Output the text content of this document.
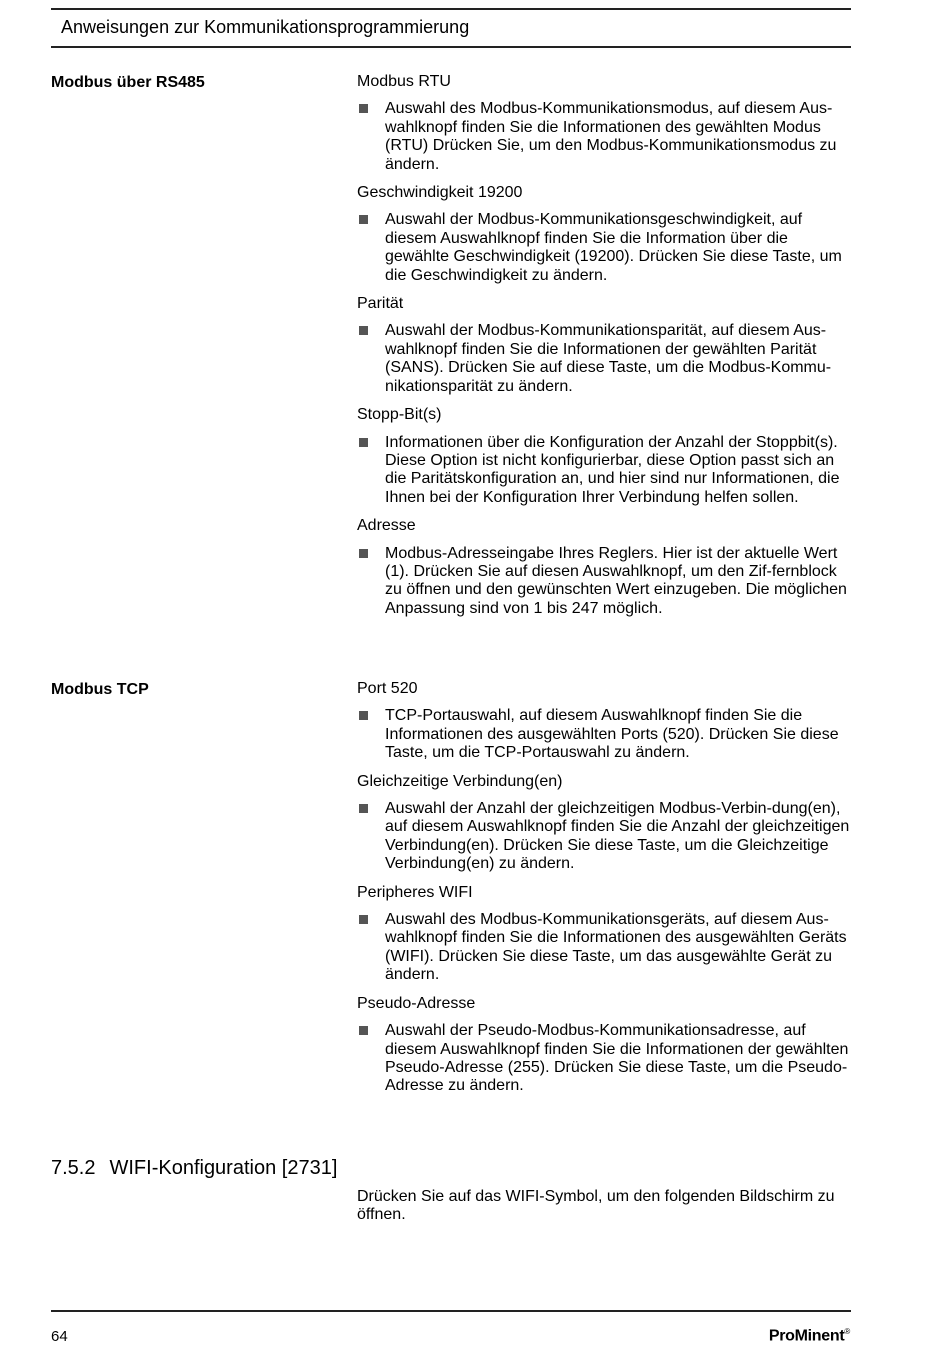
Anweisungen zur Kommunikationsprogrammierung
Modbus über RS485	Modbus RTU

Auswahl des Modbus-Kommunikationsmodus, auf diesem Aus-wahlknopf finden Sie die Informationen des gewählten Modus (RTU) Drücken Sie, um den Modbus-Kommunikationsmodus zu ändern.

Geschwindigkeit 19200

Auswahl der Modbus-Kommunikationsgeschwindigkeit, auf diesem Auswahlknopf finden Sie die Information über die gewählte Geschwindigkeit (19200). Drücken Sie diese Taste, um die Geschwindigkeit zu ändern.

Parität

Auswahl der Modbus-Kommunikationsparität, auf diesem Aus-wahlknopf finden Sie die Informationen der gewählten Parität (SANS). Drücken Sie auf diese Taste, um die Modbus-Kommu-nikationsparität zu ändern.

Stopp-Bit(s)

Informationen über die Konfiguration der Anzahl der Stoppbit(s). Diese Option ist nicht konfigurierbar, diese Option passt sich an die Paritätskonfiguration an, und hier sind nur Informationen, die Ihnen bei der Konfiguration Ihrer Verbindung helfen sollen.

Adresse

Modbus-Adresseingabe Ihres Reglers. Hier ist der aktuelle Wert (1). Drücken Sie auf diesen Auswahlknopf, um den Zif-fernblock zu öffnen und den gewünschten Wert einzugeben. Die möglichen Anpassung sind von 1 bis 247 möglich.

Modbus TCP	Port 520

TCP-Portauswahl, auf diesem Auswahlknopf finden Sie die Informationen des ausgewählten Ports (520). Drücken Sie diese Taste, um die TCP-Portauswahl zu ändern.

Gleichzeitige Verbindung(en)

Auswahl der Anzahl der gleichzeitigen Modbus-Verbin-dung(en), auf diesem Auswahlknopf finden Sie die Anzahl der gleichzeitigen Verbindung(en). Drücken Sie diese Taste, um die Gleichzeitige Verbindung(en) zu ändern.

Peripheres WIFI

Auswahl des Modbus-Kommunikationsgeräts, auf diesem Aus-wahlknopf finden Sie die Informationen des ausgewählten Geräts (WIFI). Drücken Sie diese Taste, um das ausgewählte Gerät zu ändern.

Pseudo-Adresse

Auswahl der Pseudo-Modbus-Kommunikationsadresse, auf diesem Auswahlknopf finden Sie die Informationen der gewählten Pseudo-Adresse (255). Drücken Sie diese Taste, um die Pseudo-Adresse zu ändern.

7.5.2 WIFI-Konfiguration [2731]
Drücken Sie auf das WIFI-Symbol, um den folgenden Bildschirm zu öffnen.
64	ProMinent®
